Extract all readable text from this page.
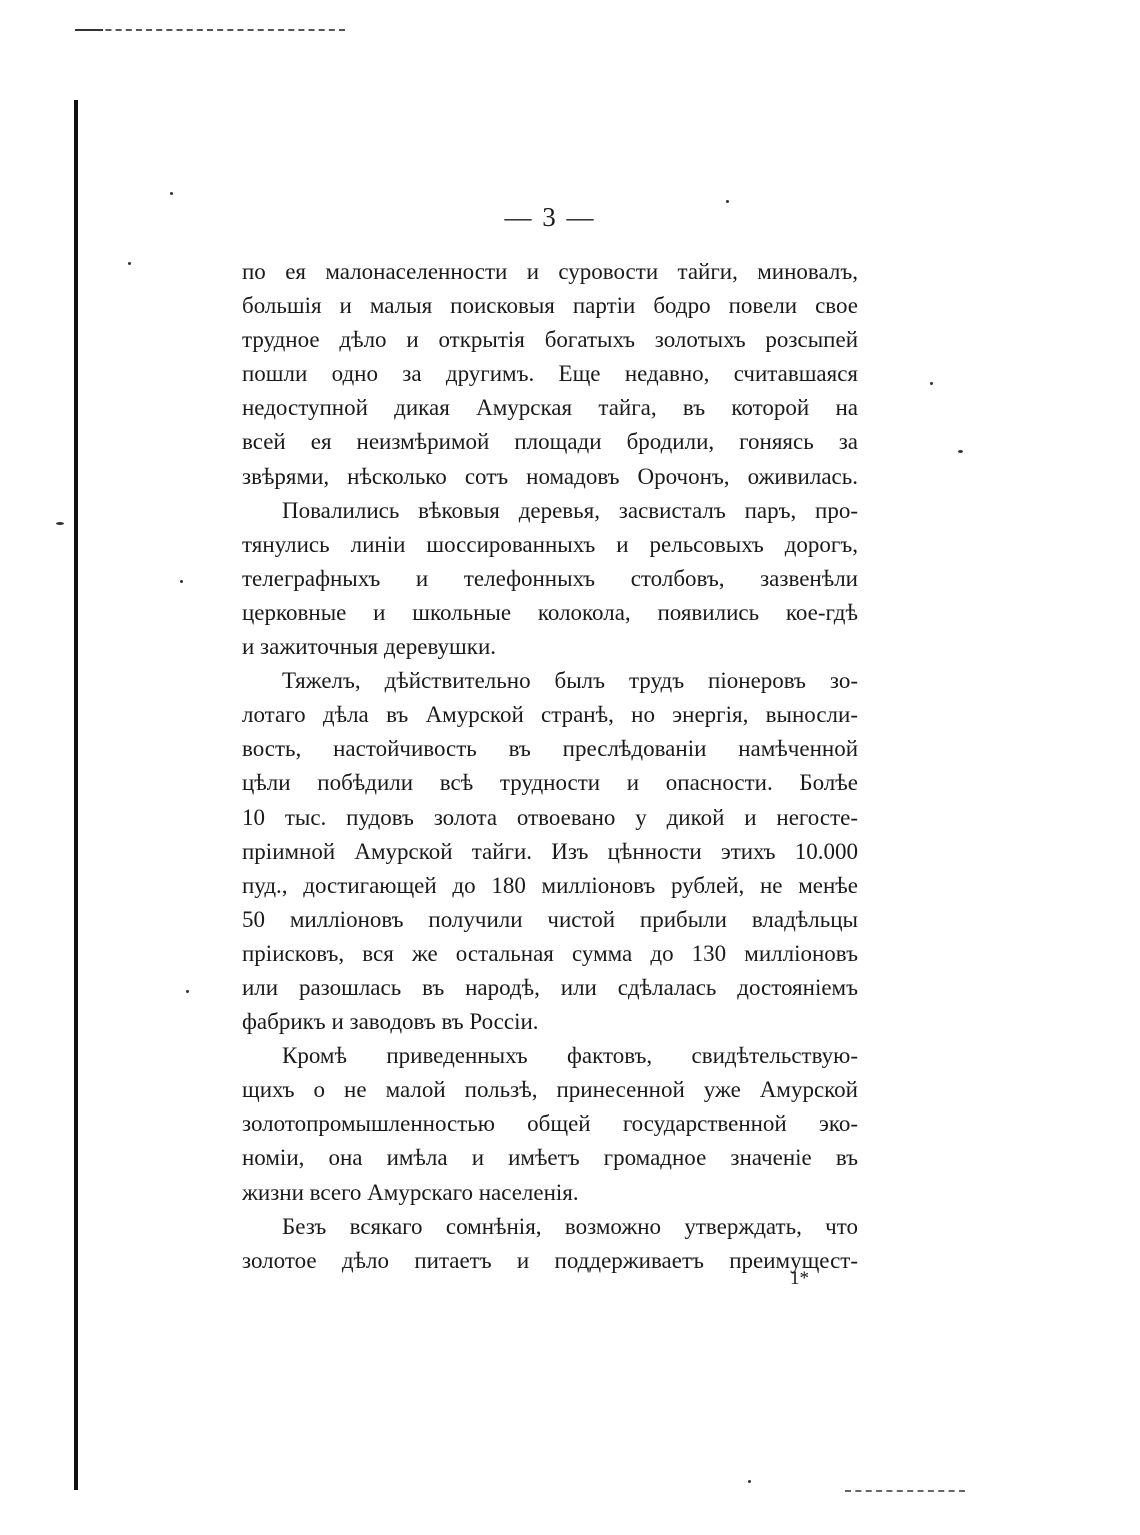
— 3 —
по ея малонаселенности и суровости тайги, миновалъ,
большія и малыя поисковыя партіи бодро повели свое
трудное дѣло и открытія богатыхъ золотыхъ розсыпей
пошли одно за другимъ. Еще недавно, считавшаяся
недоступной дикая Амурская тайга, въ которой на
всей ея неизмѣримой площади бродили, гоняясь за
звѣрями, нѣсколько сотъ номадовъ Орочонъ, оживилась.
Повалились вѣковыя деревья, засвисталъ паръ, про-
тянулись линіи шоссированныхъ и рельсовыхъ дорогъ,
телеграфныхъ и телефонныхъ столбовъ, зазвенѣли
церковные и школьные колокола, появились кое-гдѣ
и зажиточныя деревушки.
Тяжелъ, дѣйствительно былъ трудъ піонеровъ зо-
лотаго дѣла въ Амурской странѣ, но энергія, выносли-
вость, настойчивость въ преслѣдованіи намѣченной
цѣли побѣдили всѣ трудности и опасности. Болѣе
10 тыс. пудовъ золота отвоевано у дикой и негосте-
пріимной Амурской тайги. Изъ цѣнности этихъ 10.000
пуд., достигающей до 180 милліоновъ рублей, не менѣе
50 милліоновъ получили чистой прибыли владѣльцы
пріисковъ, вся же остальная сумма до 130 милліоновъ
или разошлась въ народѣ, или сдѣлалась достояніемъ
фабрикъ и заводовъ въ Россіи.
Кромѣ приведенныхъ фактовъ, свидѣтельствую-
щихъ о не малой пользѣ, принесенной уже Амурской
золотопромышленностью общей государственной эко-
номіи, она имѣла и имѣетъ громадное значеніе въ
жизни всего Амурскаго населенія.
Безъ всякаго сомнѣнія, возможно утверждать, что
золотое дѣло питаетъ и поддерживаетъ преимущест-
1*
